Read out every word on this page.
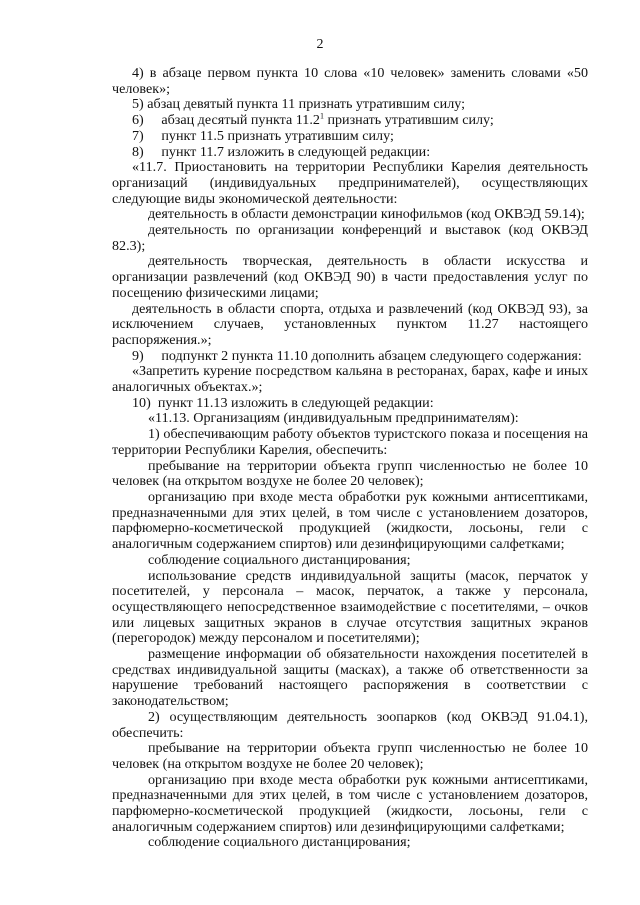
2

4) в абзаце первом пункта 10 слова «10 человек» заменить словами «50 человек»;

5) абзац девятый пункта 11 признать утратившим силу;

6)     абзац десятый пункта 11.2$^1$ признать утратившим силу;

7)     пункт 11.5 признать утратившим силу;

8)     пункт 11.7 изложить в следующей редакции:

«11.7. Приостановить на территории Республики Карелия деятельность организаций (индивидуальных предпринимателей), осуществляющих следующие виды экономической деятельности:

деятельность в области демонстрации кинофильмов (код ОКВЭД 59.14);

деятельность по организации конференций и выставок (код ОКВЭД 82.3);

деятельность творческая, деятельность в области искусства и организации развлечений (код ОКВЭД 90) в части предоставления услуг по посещению физическими лицами;

деятельность в области спорта, отдыха и развлечений (код ОКВЭД 93), за исключением случаев, установленных пунктом 11.27 настоящего распоряжения.»;

9)     подпункт 2 пункта 11.10 дополнить абзацем следующего содержания:

«Запретить курение посредством кальяна в ресторанах, барах, кафе и иных аналогичных объектах.»;

10)  пункт 11.13 изложить в следующей редакции:

«11.13. Организациям (индивидуальным предпринимателям):

1) обеспечивающим работу объектов туристского показа и посещения на территории Республики Карелия, обеспечить:

пребывание на территории объекта групп численностью не более 10 человек (на открытом воздухе не более 20 человек);

организацию при входе места обработки рук кожными антисептиками, предназначенными для этих целей, в том числе с установлением дозаторов, парфюмерно-косметической продукцией (жидкости, лосьоны, гели с аналогичным содержанием спиртов) или дезинфицирующими салфетками;

соблюдение социального дистанцирования;

использование средств индивидуальной защиты (масок, перчаток у посетителей, у персонала – масок, перчаток, а также у персонала, осуществляющего непосредственное взаимодействие с посетителями, – очков или лицевых защитных экранов в случае отсутствия защитных экранов (перегородок) между персоналом и посетителями);

размещение информации об обязательности нахождения посетителей в средствах индивидуальной защиты (масках), а также об ответственности за нарушение требований настоящего распоряжения в соответствии с законодательством;

2) осуществляющим деятельность зоопарков (код ОКВЭД 91.04.1), обеспечить:

пребывание на территории объекта групп численностью не более 10 человек (на открытом воздухе не более 20 человек);

организацию при входе места обработки рук кожными антисептиками, предназначенными для этих целей, в том числе с установлением дозаторов, парфюмерно-косметической продукцией (жидкости, лосьоны, гели с аналогичным содержанием спиртов) или дезинфицирующими салфетками;

соблюдение социального дистанцирования;
